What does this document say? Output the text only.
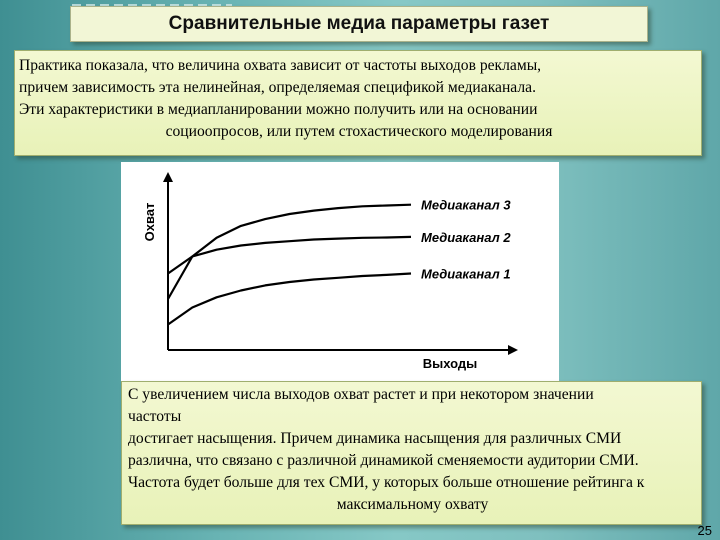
Сравнительные медиа параметры газет
Практика показала, что величина охвата зависит от частоты выходов рекламы,
причем зависимость эта нелинейная, определяемая спецификой медиаканала.
Эти характеристики в медиапланировании можно получить или на основании
социоопросов, или путем стохастического моделирования
Охват
Выходы
Медиаканал 3
Медиаканал 2
Медиаканал 1
С увеличением числа выходов охват растет и при некотором значении
частоты
достигает насыщения. Причем динамика насыщения для различных СМИ
различна, что связано с различной динамикой сменяемости аудитории СМИ.
Частота будет больше для тех СМИ, у которых больше отношение рейтинга к
максимальному охвату
25
